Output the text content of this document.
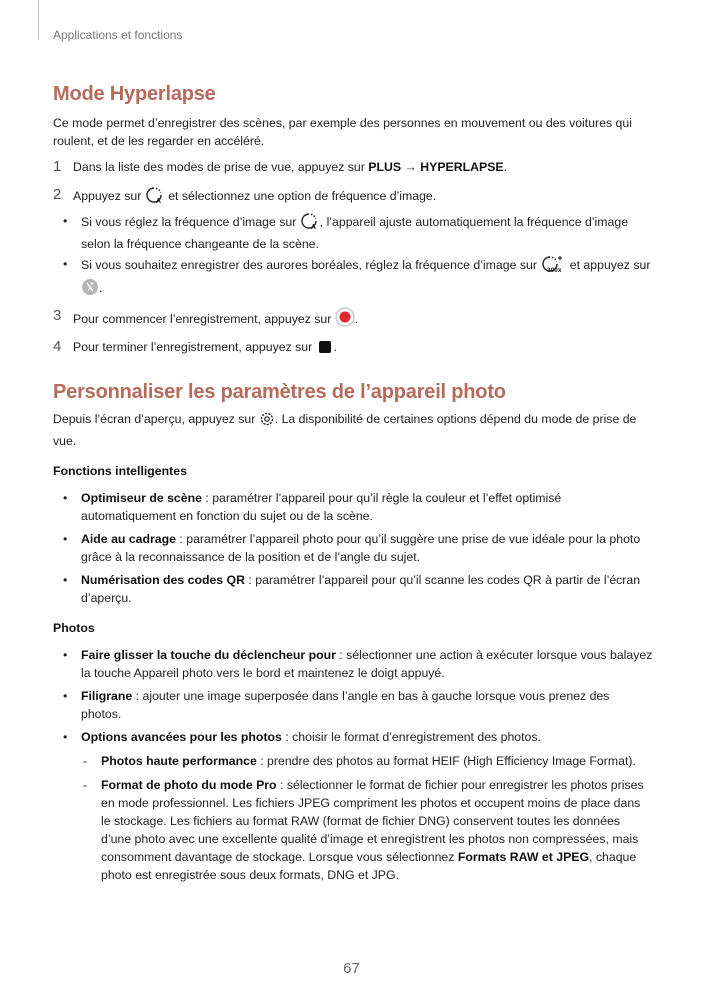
Applications et fonctions
Mode Hyperlapse

Ce mode permet d’enregistrer des scènes, par exemple des personnes en mouvement ou des voitures qui roulent, et de les regarder en accéléré.

1 Dans la liste des modes de prise de vue, appuyez sur PLUS → HYPERLAPSE.
2 Appuyez sur A et sélectionnez une option de fréquence d’image.
• Si vous réglez la fréquence d’image sur A , l’appareil ajuste automatiquement la fréquence d’image selon la fréquence changeante de la scène.
• Si vous souhaitez enregistrer des aurores boréales, réglez la fréquence d’image sur 300x et appuyez sur .
3 Pour commencer l’enregistrement, appuyez sur .
4 Pour terminer l’enregistrement, appuyez sur .
Personnaliser les paramètres de l’appareil photo

Depuis l’écran d’aperçu, appuyez sur . La disponibilité de certaines options dépend du mode de prise de vue.

Fonctions intelligentes

• Optimiseur de scène : paramétrer l’appareil pour qu’il règle la couleur et l’effet optimisé automatiquement en fonction du sujet ou de la scène.
• Aide au cadrage : paramétrer l’appareil photo pour qu’il suggère une prise de vue idéale pour la photo grâce à la reconnaissance de la position et de l’angle du sujet.
• Numérisation des codes QR : paramétrer l’appareil pour qu’il scanne les codes QR à partir de l’écran d’aperçu.

Photos

• Faire glisser la touche du déclencheur pour : sélectionner une action à exécuter lorsque vous balayez la touche Appareil photo vers le bord et maintenez le doigt appuyé.
• Filigrane : ajouter une image superposée dans l’angle en bas à gauche lorsque vous prenez des photos.
• Options avancées pour les photos : choisir le format d’enregistrement des photos.
- Photos haute performance : prendre des photos au format HEIF (High Efficiency Image Format).
- Format de photo du mode Pro : sélectionner le format de fichier pour enregistrer les photos prises en mode professionnel. Les fichiers JPEG compriment les photos et occupent moins de place dans le stockage. Les fichiers au format RAW (format de fichier DNG) conservent toutes les données d’une photo avec une excellente qualité d’image et enregistrent les photos non compressées, mais consomment davantage de stockage. Lorsque vous sélectionnez Formats RAW et JPEG, chaque photo est enregistrée sous deux formats, DNG et JPG.
67
